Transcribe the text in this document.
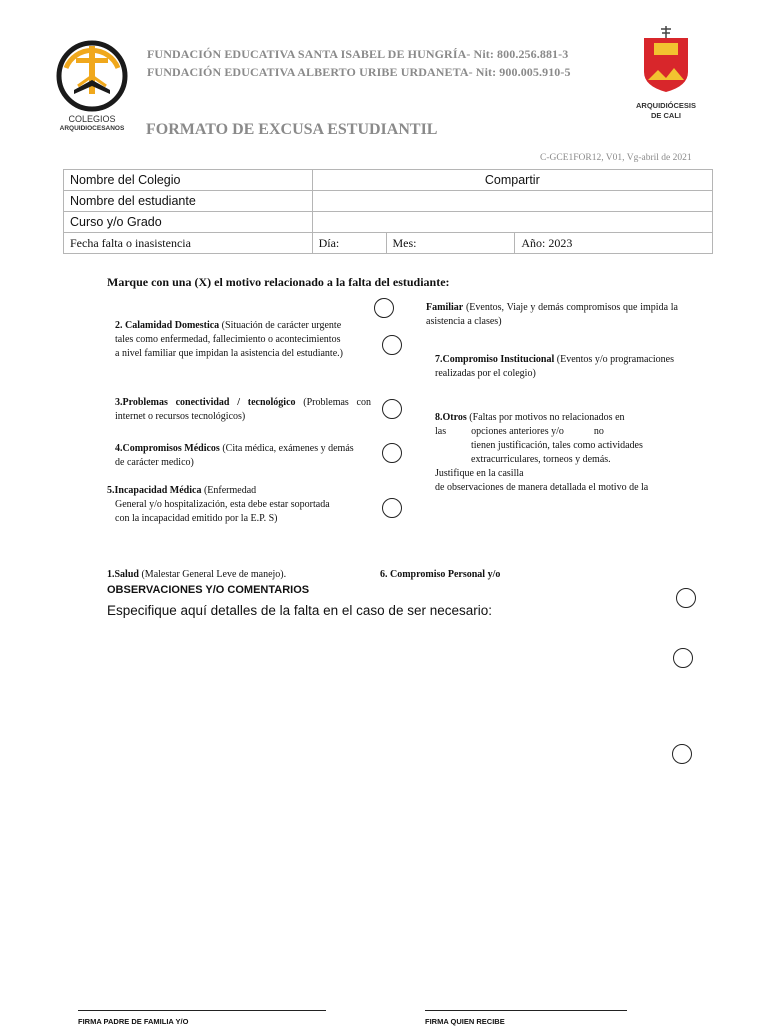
COLEGIOS
ARQUIDIOCESANOS
FUNDACIÓN EDUCATIVA SANTA ISABEL DE HUNGRÍA- Nit: 800.256.881-3
FUNDACIÓN EDUCATIVA ALBERTO URIBE URDANETA- Nit: 900.005.910-5
FORMATO DE EXCUSA ESTUDIANTIL
C-GCE1FOR12, V01, Vg-abril de 2021
ARQUIDIÓCESIS
DE CALI
Nombre del Colegio	Compartir		
Nombre del estudiante			
Curso y/o Grado			
Fecha falta o inasistencia	Día:	Mes:	Año: 2023
Marque con una (X) el motivo relacionado a la falta del estudiante:
Familiar (Eventos, Viaje y demás compromisos que impida la asistencia a clases)
2. Calamidad Domestica (Situación de carácter urgente tales como enfermedad, fallecimiento o acontecimientos a nivel familiar que impidan la asistencia del estudiante.)
7.Compromiso Institucional (Eventos y/o programaciones realizadas por el colegio)
3.Problemas conectividad / tecnológico (Problemas con internet o recursos tecnológicos)	8.Otros (Faltas por motivos no relacionados en
las          opciones anteriores y/o            no
tienen justificación, tales como actividades
extracurriculares, torneos y demás.
Justifique en la casilla
de observaciones de manera detallada el motivo de la
4.Compromisos Médicos (Cita médica, exámenes y demás de carácter medico)
5.Incapacidad Médica (Enfermedad
General y/o hospitalización, esta debe estar soportada
con la incapacidad emitido por la E.P. S)
1.Salud (Malestar General Leve de manejo).	6. Compromiso Personal y/o
OBSERVACIONES Y/O COMENTARIOS
Especifique aquí detalles de la falta en el caso de ser necesario:
FIRMA PADRE DE FAMILIA Y/O	FIRMA QUIEN RECIBE
